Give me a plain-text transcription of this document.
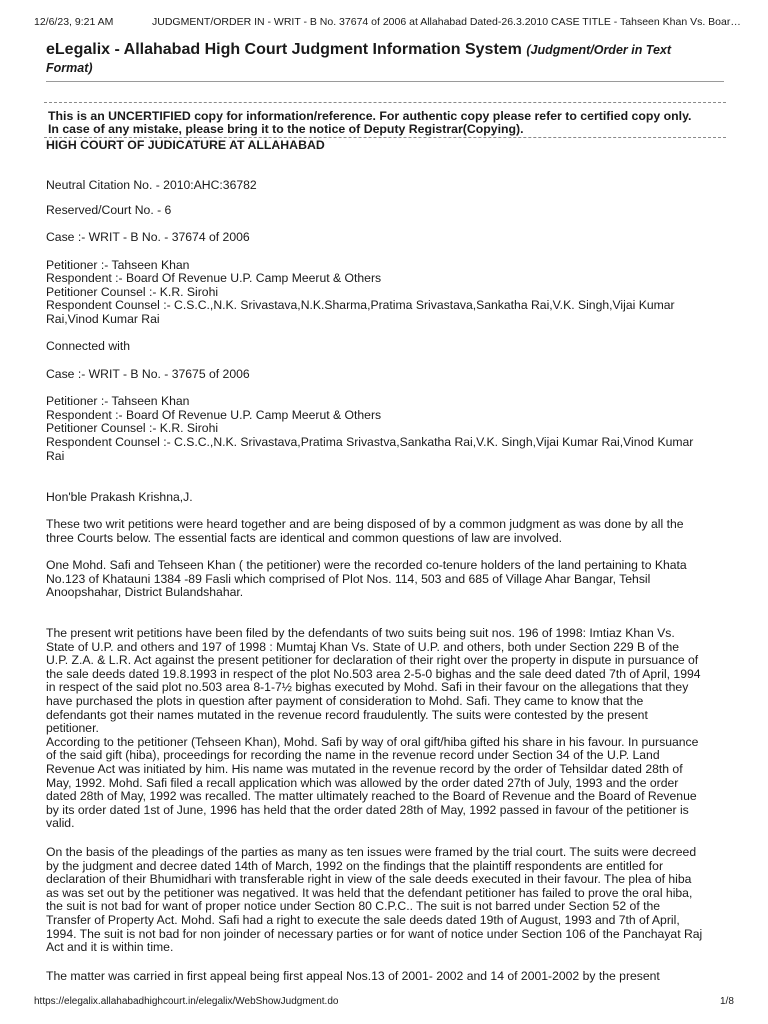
12/6/23, 9:21 AM	JUDGMENT/ORDER IN - WRIT - B No. 37674 of 2006 at Allahabad Dated-26.3.2010 CASE TITLE - Tahseen Khan Vs. Boar…
eLegalix - Allahabad High Court Judgment Information System (Judgment/Order in Text
Format)
This is an UNCERTIFIED copy for information/reference. For authentic copy please refer to certified copy only.
In case of any mistake, please bring it to the notice of Deputy Registrar(Copying).
HIGH COURT OF JUDICATURE AT ALLAHABAD
Neutral Citation No. - 2010:AHC:36782
Reserved/Court No. - 6
Case :- WRIT - B No. - 37674 of 2006
Petitioner :- Tahseen Khan
Respondent :- Board Of Revenue U.P. Camp Meerut & Others
Petitioner Counsel :- K.R. Sirohi
Respondent Counsel :- C.S.C.,N.K. Srivastava,N.K.Sharma,Pratima Srivastava,Sankatha Rai,V.K. Singh,Vijai Kumar
Rai,Vinod Kumar Rai
Connected with
Case :- WRIT - B No. - 37675 of 2006
Petitioner :- Tahseen Khan
Respondent :- Board Of Revenue U.P. Camp Meerut & Others
Petitioner Counsel :- K.R. Sirohi
Respondent Counsel :- C.S.C.,N.K. Srivastava,Pratima Srivastva,Sankatha Rai,V.K. Singh,Vijai Kumar Rai,Vinod Kumar
Rai
Hon'ble Prakash Krishna,J.
These two writ petitions were heard together and are being disposed of by a common judgment as was done by all the
three Courts below. The essential facts are identical and common questions of law are involved.
One Mohd. Safi and Tehseen Khan ( the petitioner) were the recorded co-tenure holders of the land pertaining to Khata
No.123 of Khatauni 1384 -89 Fasli which comprised of Plot Nos. 114, 503 and 685 of Village Ahar Bangar, Tehsil
Anoopshahar, District Bulandshahar.
The present writ petitions have been filed by the defendants of two suits being suit nos. 196 of 1998: Imtiaz Khan Vs.
State of U.P. and others and 197 of 1998 : Mumtaj Khan Vs. State of U.P. and others, both under Section 229 B of the
U.P. Z.A. & L.R. Act against the present petitioner for declaration of their right over the property in dispute in pursuance of
the sale deeds dated 19.8.1993 in respect of the plot No.503 area 2-5-0 bighas and the sale deed dated 7th of April, 1994
in respect of the said plot no.503 area 8-1-7½ bighas executed by Mohd. Safi in their favour on the allegations that they
have purchased the plots in question after payment of consideration to Mohd. Safi. They came to know that the
defendants got their names mutated in the revenue record fraudulently. The suits were contested by the present
petitioner.
According to the petitioner (Tehseen Khan), Mohd. Safi by way of oral gift/hiba gifted his share in his favour. In pursuance
of the said gift (hiba), proceedings for recording the name in the revenue record under Section 34 of the U.P. Land
Revenue Act was initiated by him. His name was mutated in the revenue record by the order of Tehsildar dated 28th of
May, 1992. Mohd. Safi filed a recall application which was allowed by the order dated 27th of July, 1993 and the order
dated 28th of May, 1992 was recalled. The matter ultimately reached to the Board of Revenue and the Board of Revenue
by its order dated 1st of June, 1996 has held that the order dated 28th of May, 1992 passed in favour of the petitioner is
valid.
On the basis of the pleadings of the parties as many as ten issues were framed by the trial court. The suits were decreed
by the judgment and decree dated 14th of March, 1992 on the findings that the plaintiff respondents are entitled for
declaration of their Bhumidhari with transferable right in view of the sale deeds executed in their favour. The plea of hiba
as was set out by the petitioner was negatived. It was held that the defendant petitioner has failed to prove the oral hiba,
the suit is not bad for want of proper notice under Section 80 C.P.C.. The suit is not barred under Section 52 of the
Transfer of Property Act. Mohd. Safi had a right to execute the sale deeds dated 19th of August, 1993 and 7th of April,
1994. The suit is not bad for non joinder of necessary parties or for want of notice under Section 106 of the Panchayat Raj
Act and it is within time.
The matter was carried in first appeal being first appeal Nos.13 of 2001- 2002 and 14 of 2001-2002 by the present
https://elegalix.allahabadhighcourt.in/elegalix/WebShowJudgment.do	1/8
